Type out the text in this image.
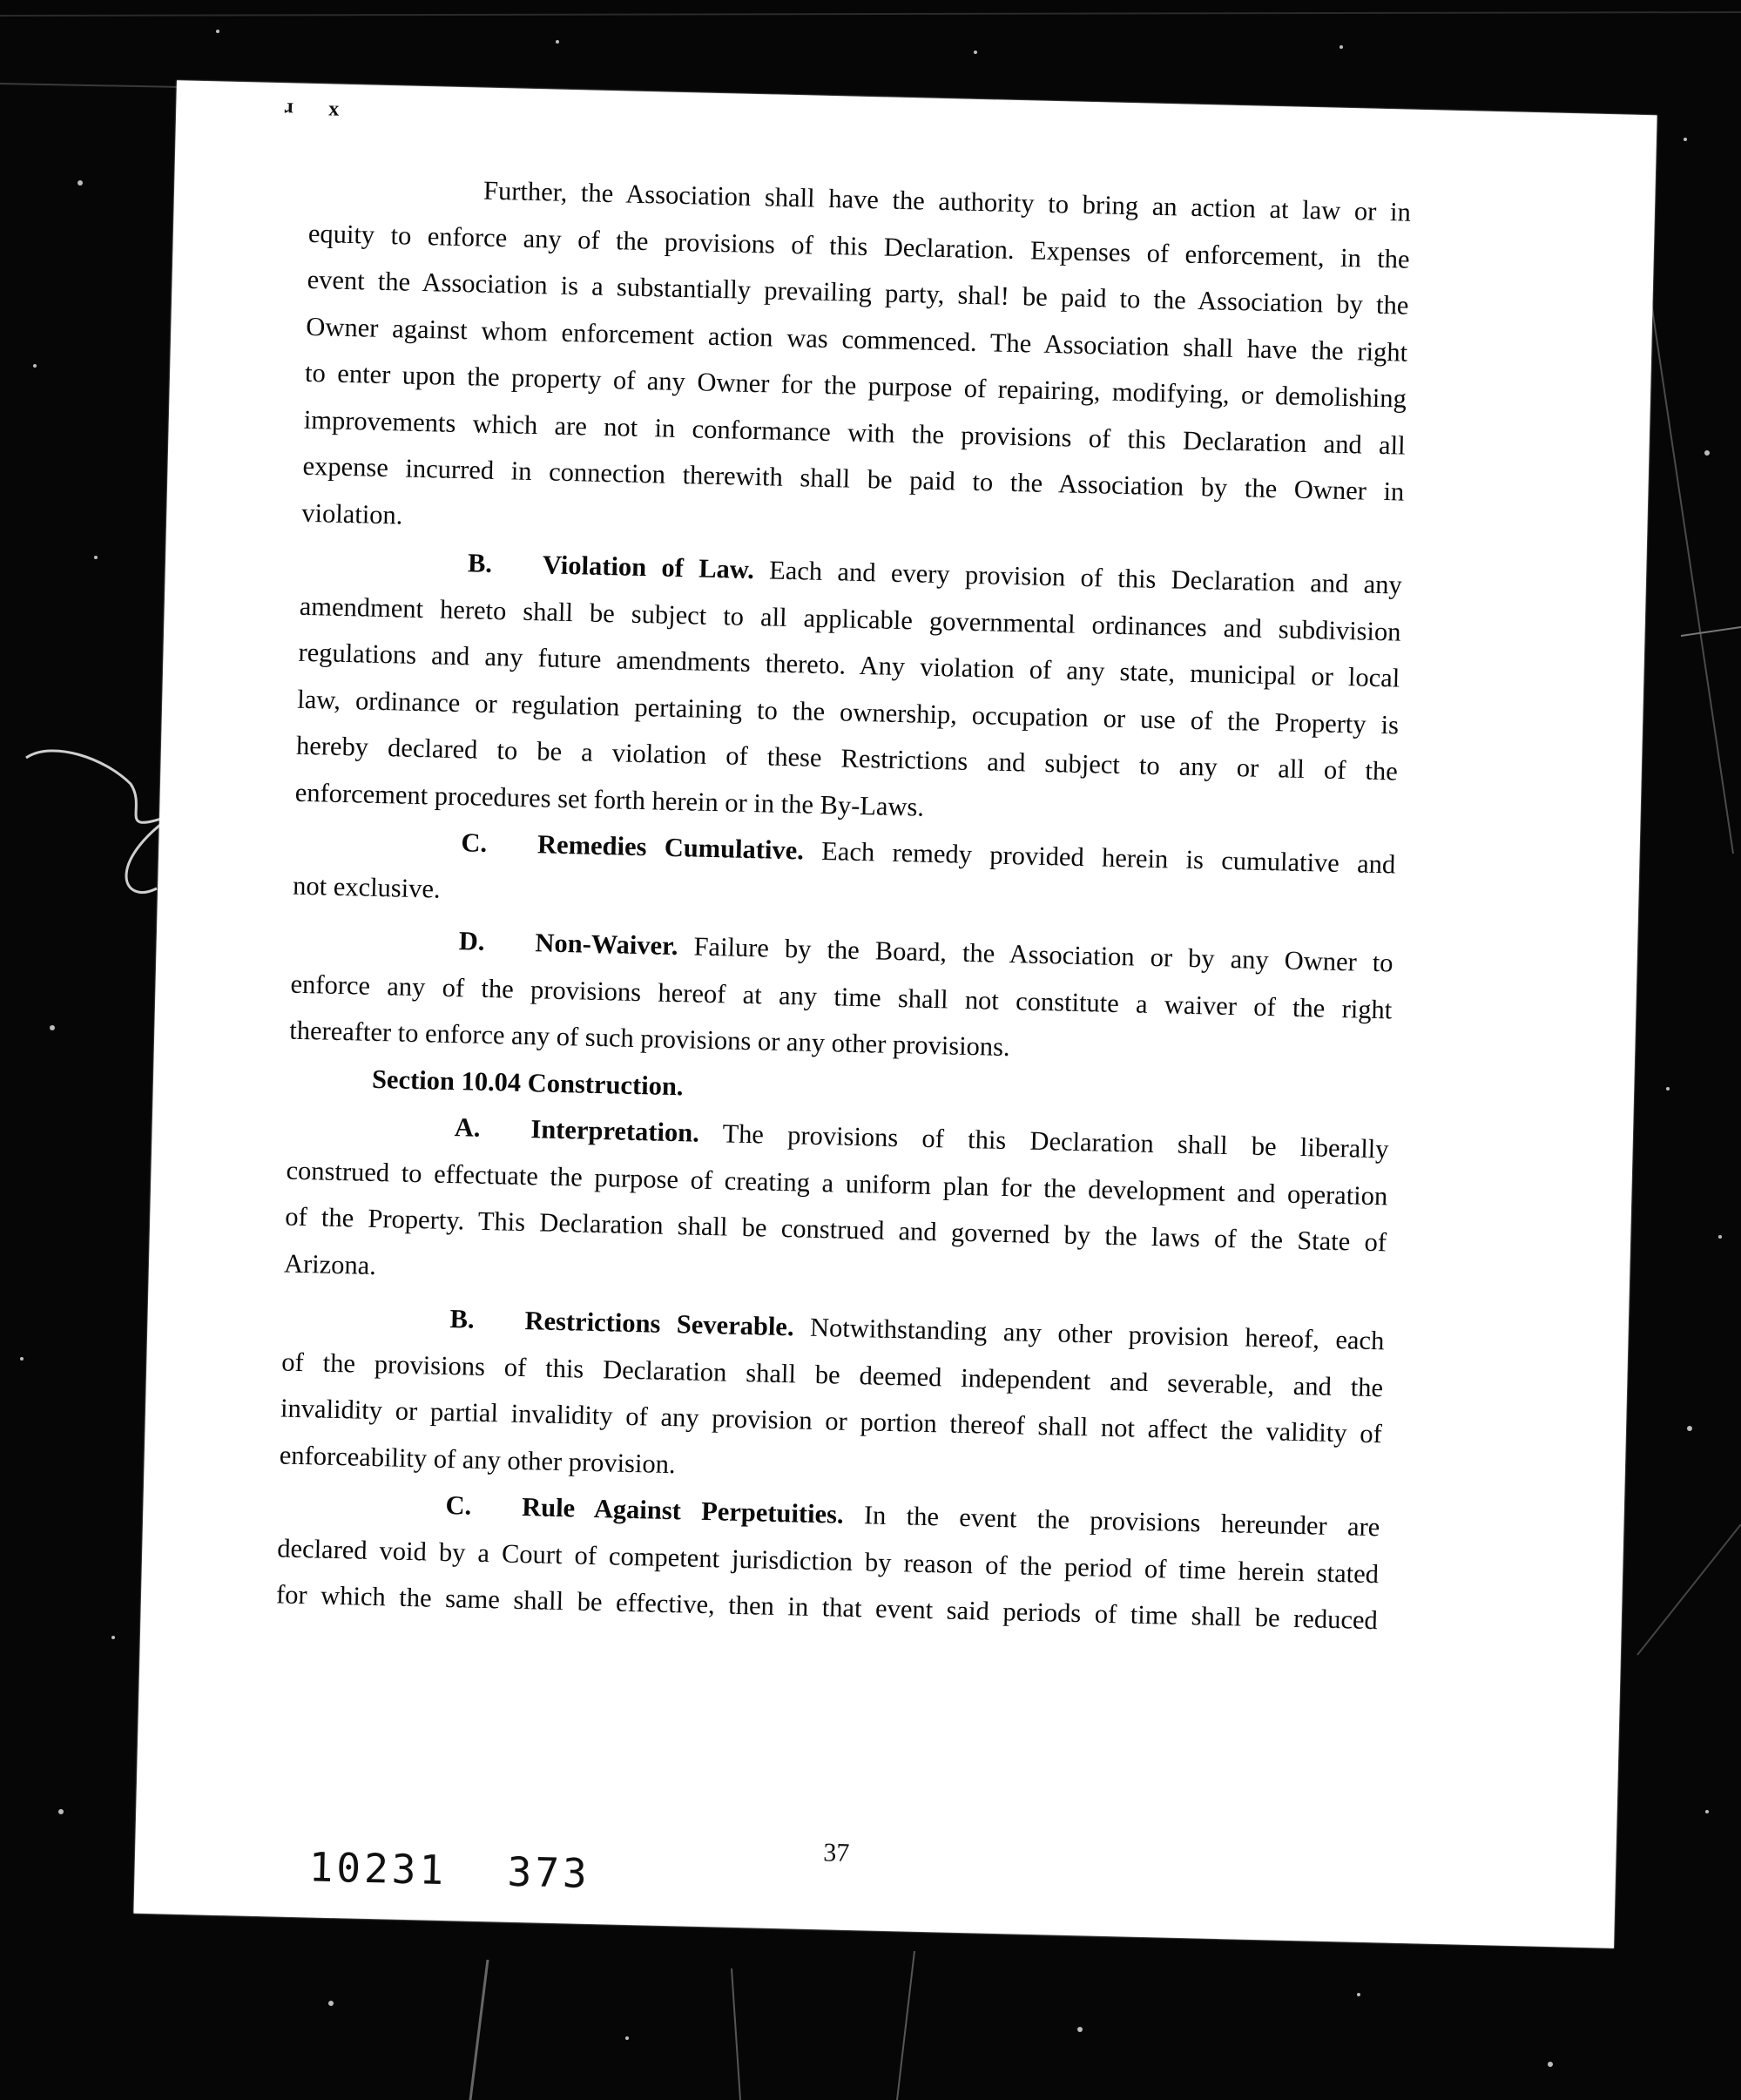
ɹ x
Further, the Association shall have the authority to bring an action at law or in
equity to enforce any of the provisions of this Declaration. Expenses of enforcement, in the
event the Association is a substantially prevailing party, shal! be paid to the Association by the
Owner against whom enforcement action was commenced. The Association shall have the right
to enter upon the property of any Owner for the purpose of repairing, modifying, or demolishing
improvements which are not in conformance with the provisions of this Declaration and all
expense incurred in connection therewith shall be paid to the Association by the Owner in
violation.
B. Violation of Law. Each and every provision of this Declaration and any
amendment hereto shall be subject to all applicable governmental ordinances and subdivision
regulations and any future amendments thereto. Any violation of any state, municipal or local
law, ordinance or regulation pertaining to the ownership, occupation or use of the Property is
hereby declared to be a violation of these Restrictions and subject to any or all of the
enforcement procedures set forth herein or in the By-Laws.
C. Remedies Cumulative. Each remedy provided herein is cumulative and
not exclusive.
D. Non-Waiver. Failure by the Board, the Association or by any Owner to
enforce any of the provisions hereof at any time shall not constitute a waiver of the right
thereafter to enforce any of such provisions or any other provisions.
Section 10.04 Construction.
A. Interpretation. The provisions of this Declaration shall be liberally
construed to effectuate the purpose of creating a uniform plan for the development and operation
of the Property. This Declaration shall be construed and governed by the laws of the State of
Arizona.
B. Restrictions Severable. Notwithstanding any other provision hereof, each
of the provisions of this Declaration shall be deemed independent and severable, and the
invalidity or partial invalidity of any provision or portion thereof shall not affect the validity of
enforceability of any other provision.
C. Rule Against Perpetuities. In the event the provisions hereunder are
declared void by a Court of competent jurisdiction by reason of the period of time herein stated
for which the same shall be effective, then in that event said periods of time shall be reduced
37
10231 373
